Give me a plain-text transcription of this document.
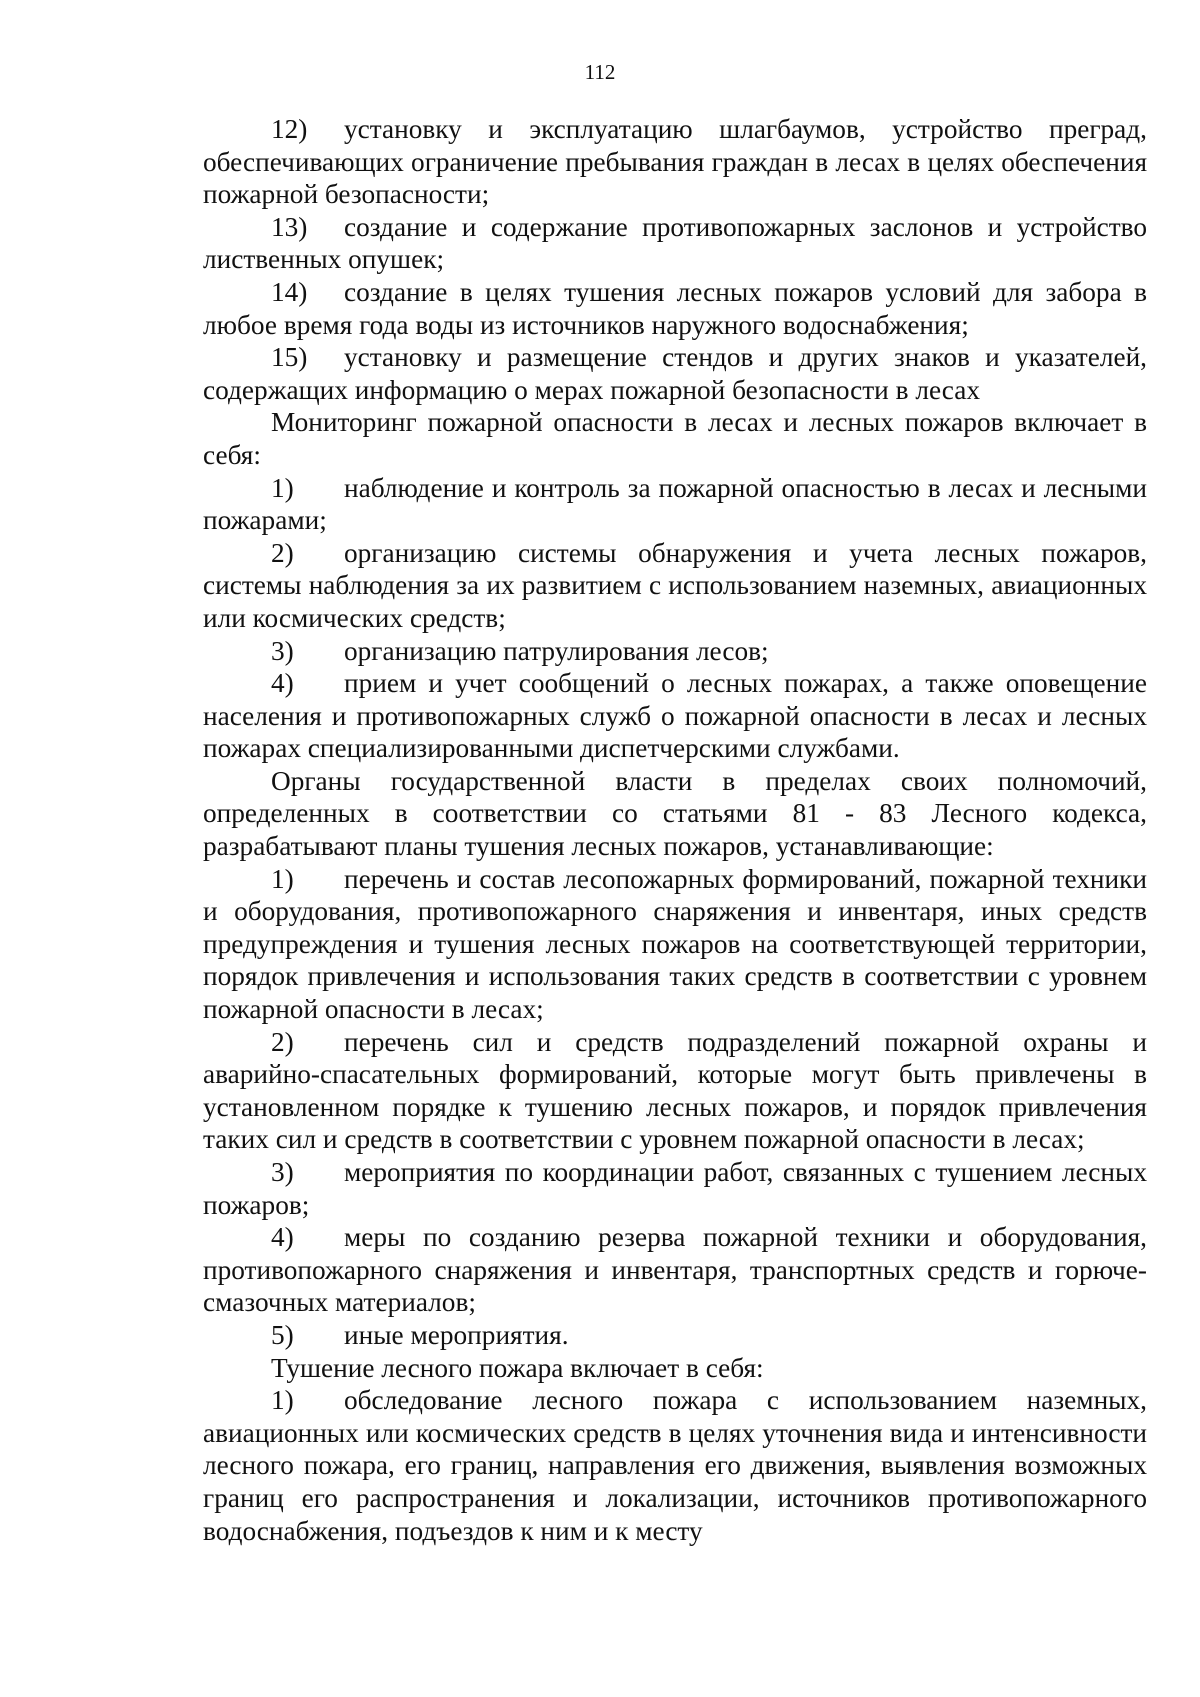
112

12) установку и эксплуатацию шлагбаумов, устройство преград, обеспечивающих ограничение пребывания граждан в лесах в целях обеспечения пожарной безопасности;

13) создание и содержание противопожарных заслонов и устройство лиственных опушек;

14) создание в целях тушения лесных пожаров условий для забора в любое время года воды из источников наружного водоснабжения;

15) установку и размещение стендов и других знаков и указателей, содержащих информацию о мерах пожарной безопасности в лесах

Мониторинг пожарной опасности в лесах и лесных пожаров включает в себя:

1) наблюдение и контроль за пожарной опасностью в лесах и лесными пожарами;

2) организацию системы обнаружения и учета лесных пожаров, системы наблюдения за их развитием с использованием наземных, авиационных или космических средств;

3) организацию патрулирования лесов;

4) прием и учет сообщений о лесных пожарах, а также оповещение населения и противопожарных служб о пожарной опасности в лесах и лесных пожарах специализированными диспетчерскими службами.

Органы государственной власти в пределах своих полномочий, определенных в соответствии со статьями 81 - 83 Лесного кодекса, разрабатывают планы тушения лесных пожаров, устанавливающие:

1) перечень и состав лесопожарных формирований, пожарной техники и оборудования, противопожарного снаряжения и инвентаря, иных средств предупреждения и тушения лесных пожаров на соответствующей территории, порядок привлечения и использования таких средств в соответствии с уровнем пожарной опасности в лесах;

2) перечень сил и средств подразделений пожарной охраны и аварийно-спасательных формирований, которые могут быть привлечены в установленном порядке к тушению лесных пожаров, и порядок привлечения таких сил и средств в соответствии с уровнем пожарной опасности в лесах;

3) мероприятия по координации работ, связанных с тушением лесных пожаров;

4) меры по созданию резерва пожарной техники и оборудования, противопожарного снаряжения и инвентаря, транспортных средств и горюче-смазочных материалов;

5) иные мероприятия.

Тушение лесного пожара включает в себя:

1) обследование лесного пожара с использованием наземных, авиационных или космических средств в целях уточнения вида и интенсивности лесного пожара, его границ, направления его движения, выявления возможных границ его распространения и локализации, источников противопожарного водоснабжения, подъездов к ним и к месту
